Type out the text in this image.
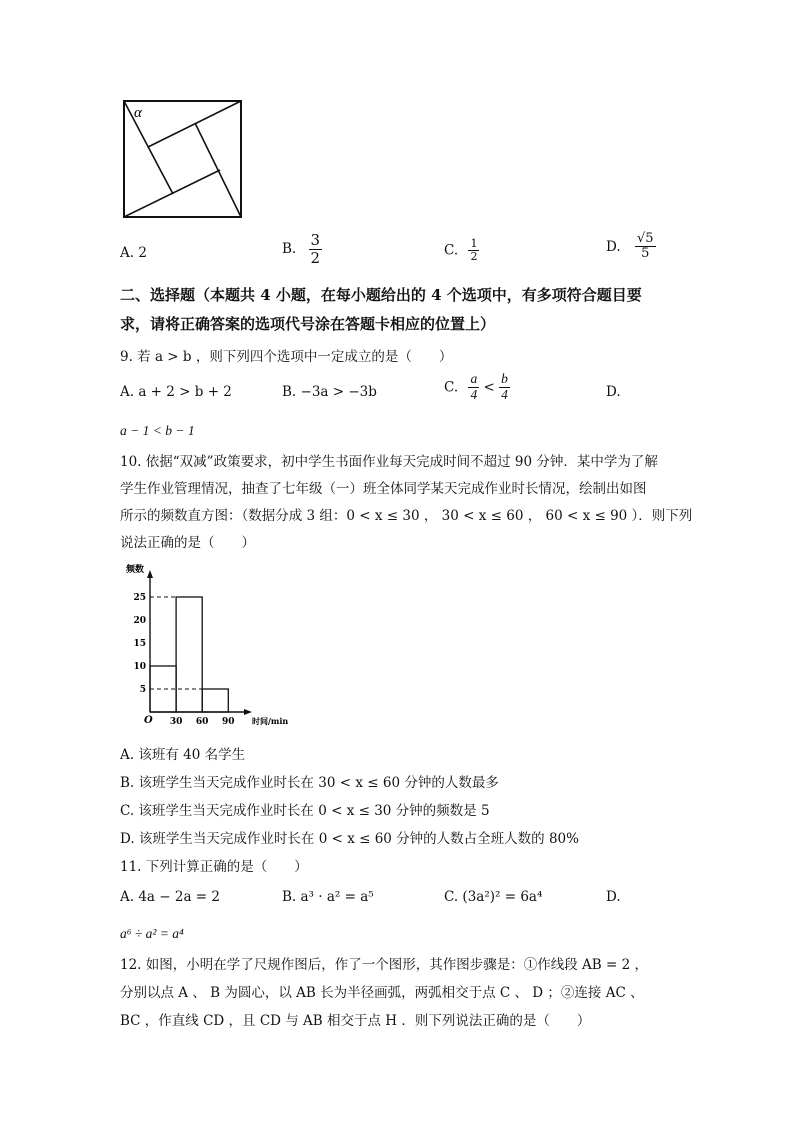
α
A. 2	B. $\frac{3}{2}$	C. $\frac{1}{2}$	D. $\frac{√5}{5}$
二、选择题（本题共 4 小题，在每小题给出的 4 个选项中，有多项符合题目要
求，请将正确答案的选项代号涂在答题卡相应的位置上）
9. 若 a > b ，则下列四个选项中一定成立的是（　　）
A. a + 2 > b + 2	B. −3a > −3b	C. $\frac{a}{4} < \frac{b}{4}$	D.
a − 1 < b − 1
10. 依据“双减”政策要求，初中学生书面作业每天完成时间不超过 90 分钟．某中学为了解
学生作业管理情况，抽查了七年级（一）班全体同学某天完成作业时长情况，绘制出如图
所示的频数直方图：（数据分成 3 组：0 < x ≤ 30 ， 30 < x ≤ 60 ， 60 < x ≤ 90 ）．则下列
说法正确的是（　　）
频数
时间/min
O
5
10
15
20
25
30 60 90
A. 该班有 40 名学生
B. 该班学生当天完成作业时长在 30 < x ≤ 60 分钟的人数最多
C. 该班学生当天完成作业时长在 0 < x ≤ 30 分钟的频数是 5
D. 该班学生当天完成作业时长在 0 < x ≤ 60 分钟的人数占全班人数的 80%
11. 下列计算正确的是（　　）
A. 4a − 2a = 2	B. a³ · a² = a⁵	C. (3a²)² = 6a⁴	D.
a⁶ ÷ a² = a⁴
12. 如图，小明在学了尺规作图后，作了一个图形，其作图步骤是：①作线段 AB = 2 ，
分别以点 A 、 B 为圆心，以 AB 长为半径画弧，两弧相交于点 C 、 D ；②连接 AC 、
BC ，作直线 CD ，且 CD 与 AB 相交于点 H ．则下列说法正确的是（　　）
